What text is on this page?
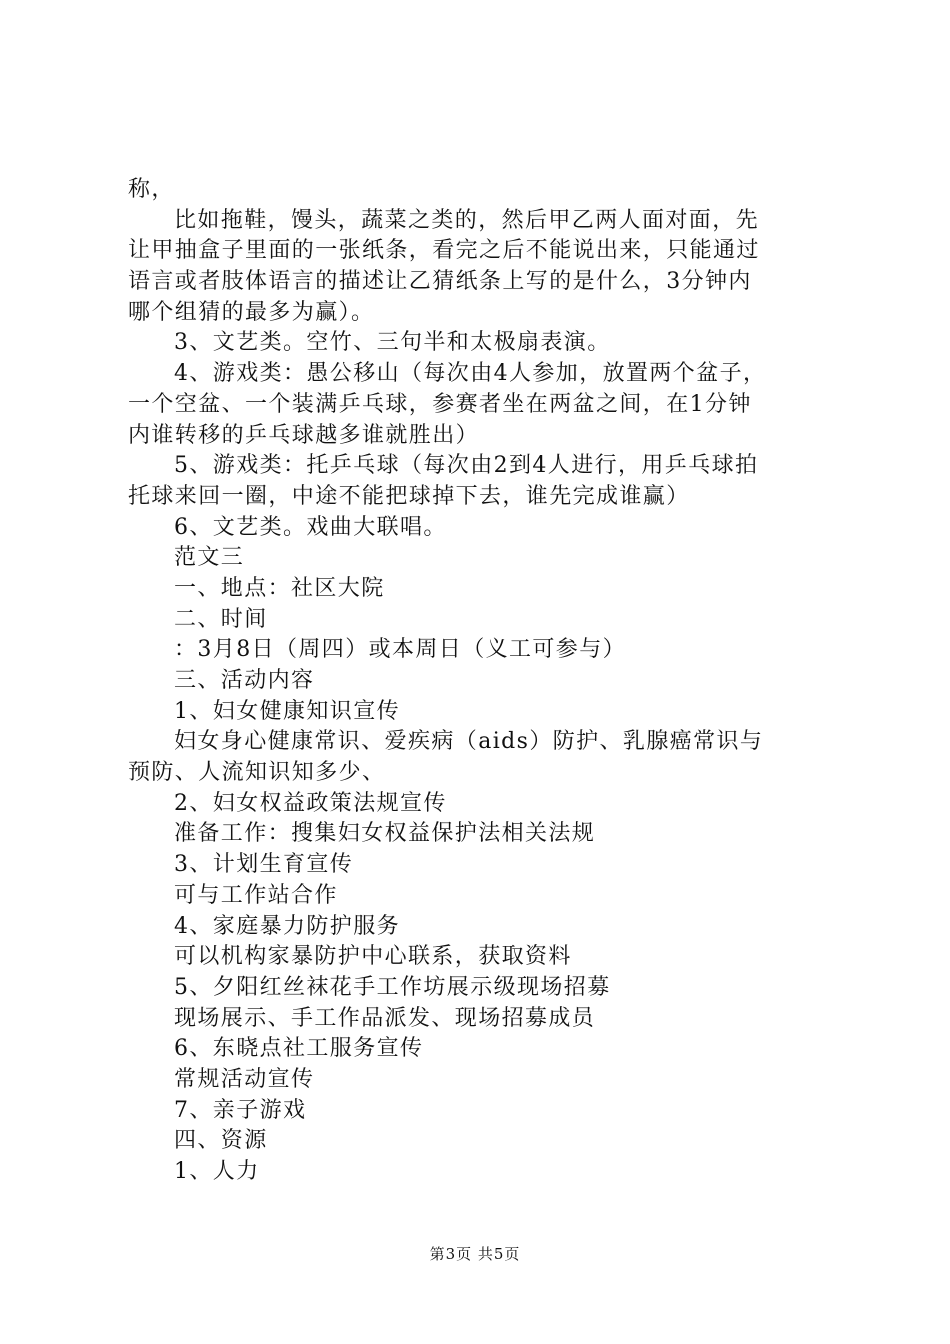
称，
比如拖鞋，馒头，蔬菜之类的，然后甲乙两人面对面，先
让甲抽盒子里面的一张纸条，看完之后不能说出来，只能通过
语言或者肢体语言的描述让乙猜纸条上写的是什么，3分钟内
哪个组猜的最多为赢）。
3、文艺类。空竹、三句半和太极扇表演。
4、游戏类：愚公移山（每次由4人参加，放置两个盆子，
一个空盆、一个装满乒乓球，参赛者坐在两盆之间，在1分钟
内谁转移的乒乓球越多谁就胜出）
5、游戏类：托乒乓球（每次由2到4人进行，用乒乓球拍
托球来回一圈，中途不能把球掉下去，谁先完成谁赢）
6、文艺类。戏曲大联唱。
范文三
一、地点：社区大院
二、时间
：3月8日（周四）或本周日（义工可参与）
三、活动内容
1、妇女健康知识宣传
妇女身心健康常识、爱疾病（aids）防护、乳腺癌常识与
预防、人流知识知多少、
2、妇女权益政策法规宣传
准备工作：搜集妇女权益保护法相关法规
3、计划生育宣传
可与工作站合作
4、家庭暴力防护服务
可以机构家暴防护中心联系，获取资料
5、夕阳红丝袜花手工作坊展示级现场招募
现场展示、手工作品派发、现场招募成员
6、东晓点社工服务宣传
常规活动宣传
7、亲子游戏
四、资源
1、人力
第3页 共5页
